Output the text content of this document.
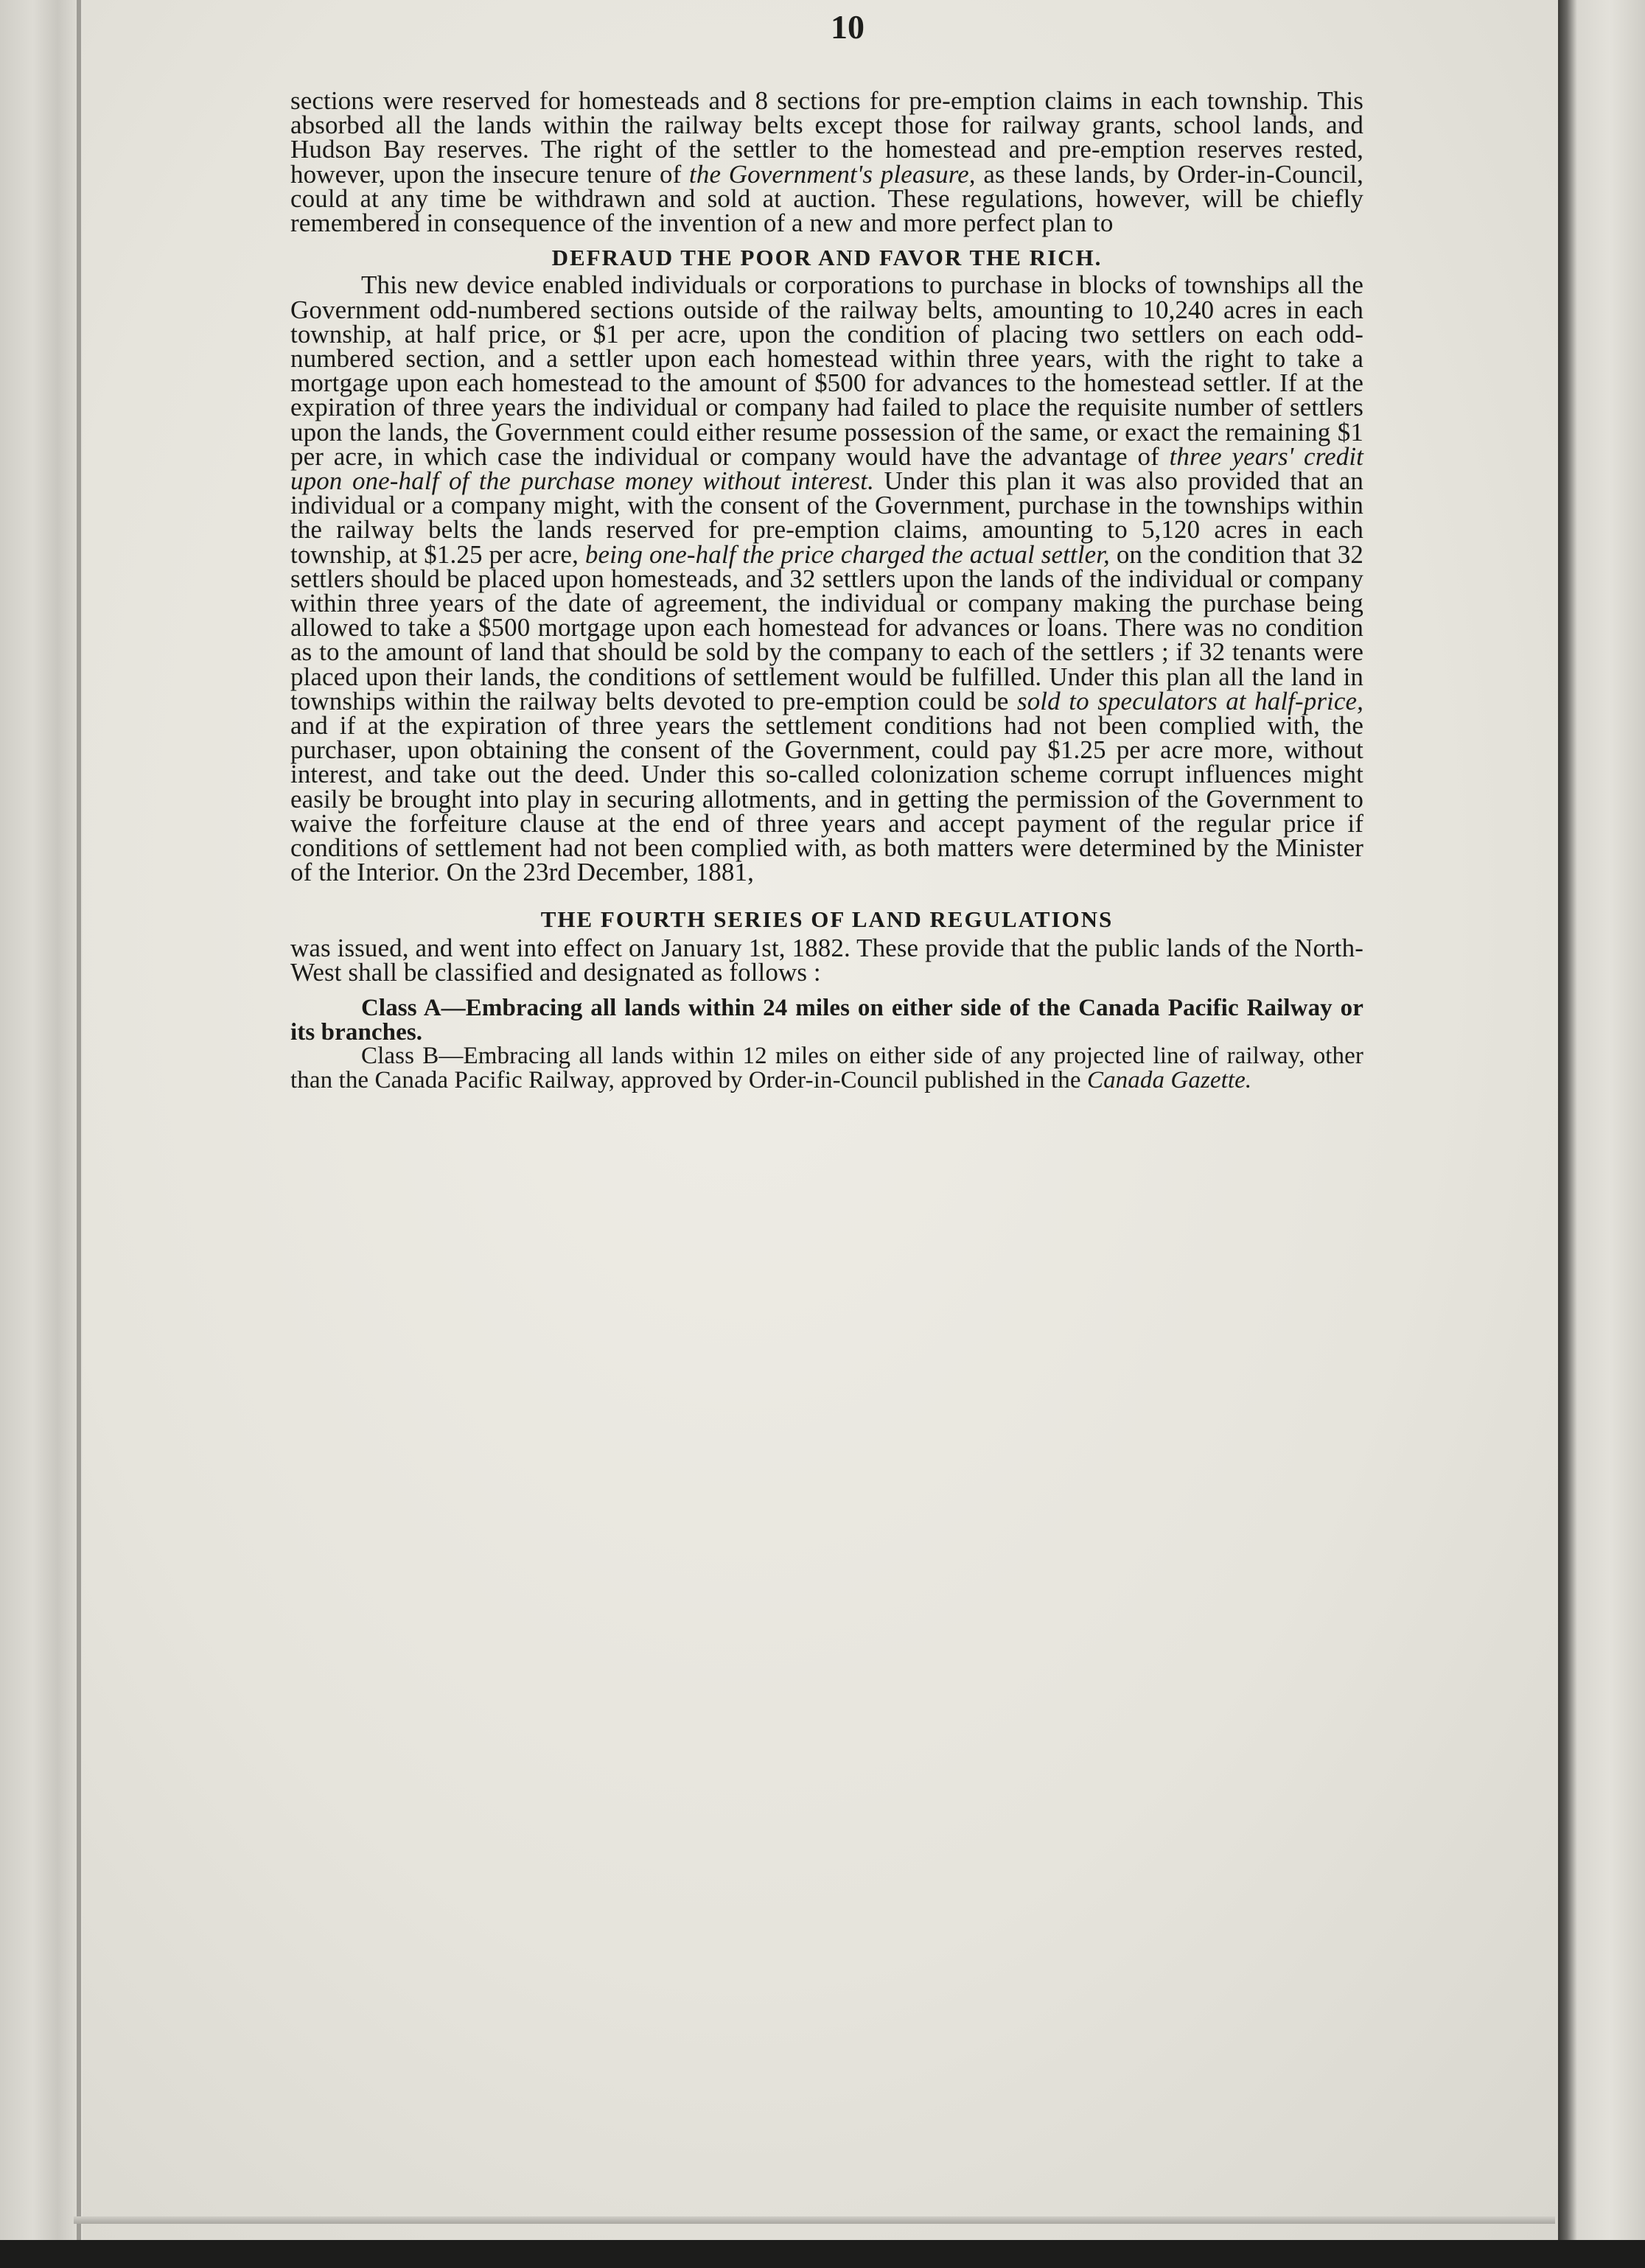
10

sections were reserved for homesteads and 8 sections for pre-emption claims in each township. This absorbed all the lands within the railway belts except those for railway grants, school lands, and Hudson Bay reserves. The right of the settler to the homestead and pre-emption reserves rested, however, upon the insecure tenure of the Government's pleasure, as these lands, by Order-in-Council, could at any time be withdrawn and sold at auction. These regulations, however, will be chiefly remembered in consequence of the invention of a new and more perfect plan to

DEFRAUD THE POOR AND FAVOR THE RICH.

This new device enabled individuals or corporations to purchase in blocks of townships all the Government odd-numbered sections outside of the railway belts, amounting to 10,240 acres in each township, at half price, or $1 per acre, upon the condition of placing two settlers on each odd-numbered section, and a settler upon each homestead within three years, with the right to take a mortgage upon each homestead to the amount of $500 for advances to the homestead settler. If at the expiration of three years the individual or company had failed to place the requisite number of settlers upon the lands, the Government could either resume possession of the same, or exact the remaining $1 per acre, in which case the individual or company would have the advantage of three years' credit upon one-half of the purchase money without interest. Under this plan it was also provided that an individual or a company might, with the consent of the Government, purchase in the townships within the railway belts the lands reserved for pre-emption claims, amounting to 5,120 acres in each township, at $1.25 per acre, being one-half the price charged the actual settler, on the condition that 32 settlers should be placed upon homesteads, and 32 settlers upon the lands of the individual or company within three years of the date of agreement, the individual or company making the purchase being allowed to take a $500 mortgage upon each homestead for advances or loans. There was no condition as to the amount of land that should be sold by the company to each of the settlers ; if 32 tenants were placed upon their lands, the conditions of settlement would be fulfilled. Under this plan all the land in townships within the railway belts devoted to pre-emption could be sold to speculators at half-price, and if at the expiration of three years the settlement conditions had not been complied with, the purchaser, upon obtaining the consent of the Government, could pay $1.25 per acre more, without interest, and take out the deed. Under this so-called colonization scheme corrupt influences might easily be brought into play in securing allotments, and in getting the permission of the Government to waive the forfeiture clause at the end of three years and accept payment of the regular price if conditions of settlement had not been complied with, as both matters were determined by the Minister of the Interior. On the 23rd December, 1881,

THE FOURTH SERIES OF LAND REGULATIONS

was issued, and went into effect on January 1st, 1882. These provide that the public lands of the North-West shall be classified and designated as follows :

Class A—Embracing all lands within 24 miles on either side of the Canada Pacific Railway or its branches.

Class B—Embracing all lands within 12 miles on either side of any projected line of railway, other than the Canada Pacific Railway, approved by Order-in-Council published in the Canada Gazette.
